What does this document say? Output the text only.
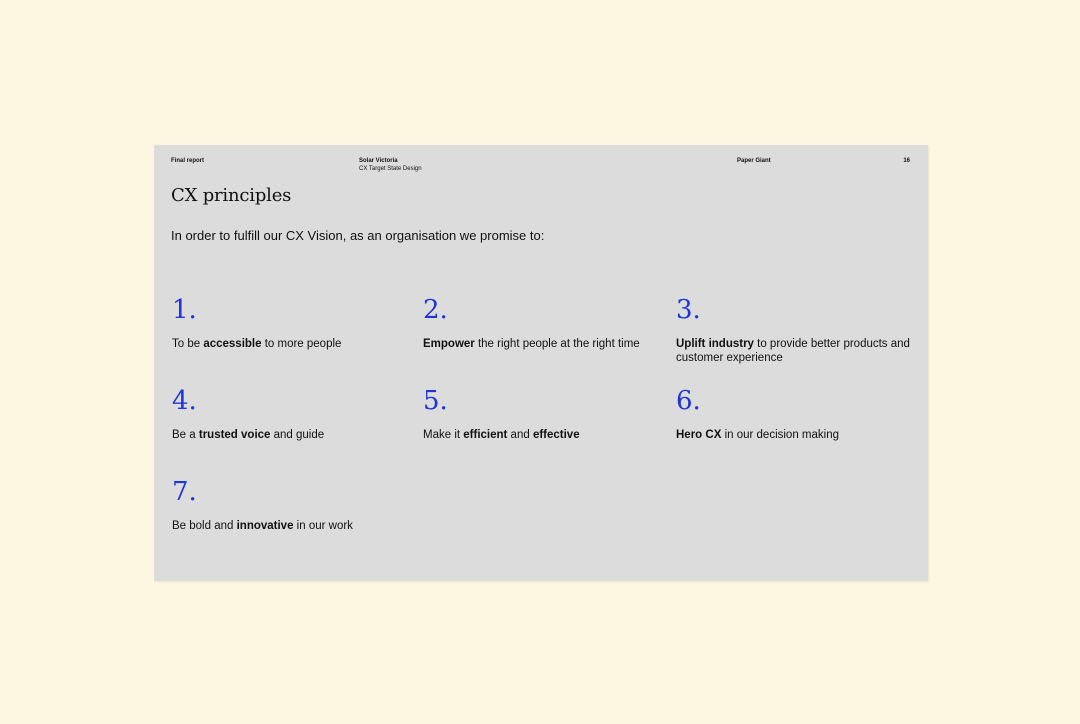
Final report	Solar Victoria
CX Target State Design
Paper Giant	16
CX principles
In order to fulfill our CX Vision, as an organisation we promise to:
1.
To be accessible to more people
2.
Empower the right people at the right time
3.
Uplift industry to provide better products and customer experience
4.
Be a trusted voice and guide
5.
Make it efficient and effective
6.
Hero CX in our decision making
7.
Be bold and innovative in our work
